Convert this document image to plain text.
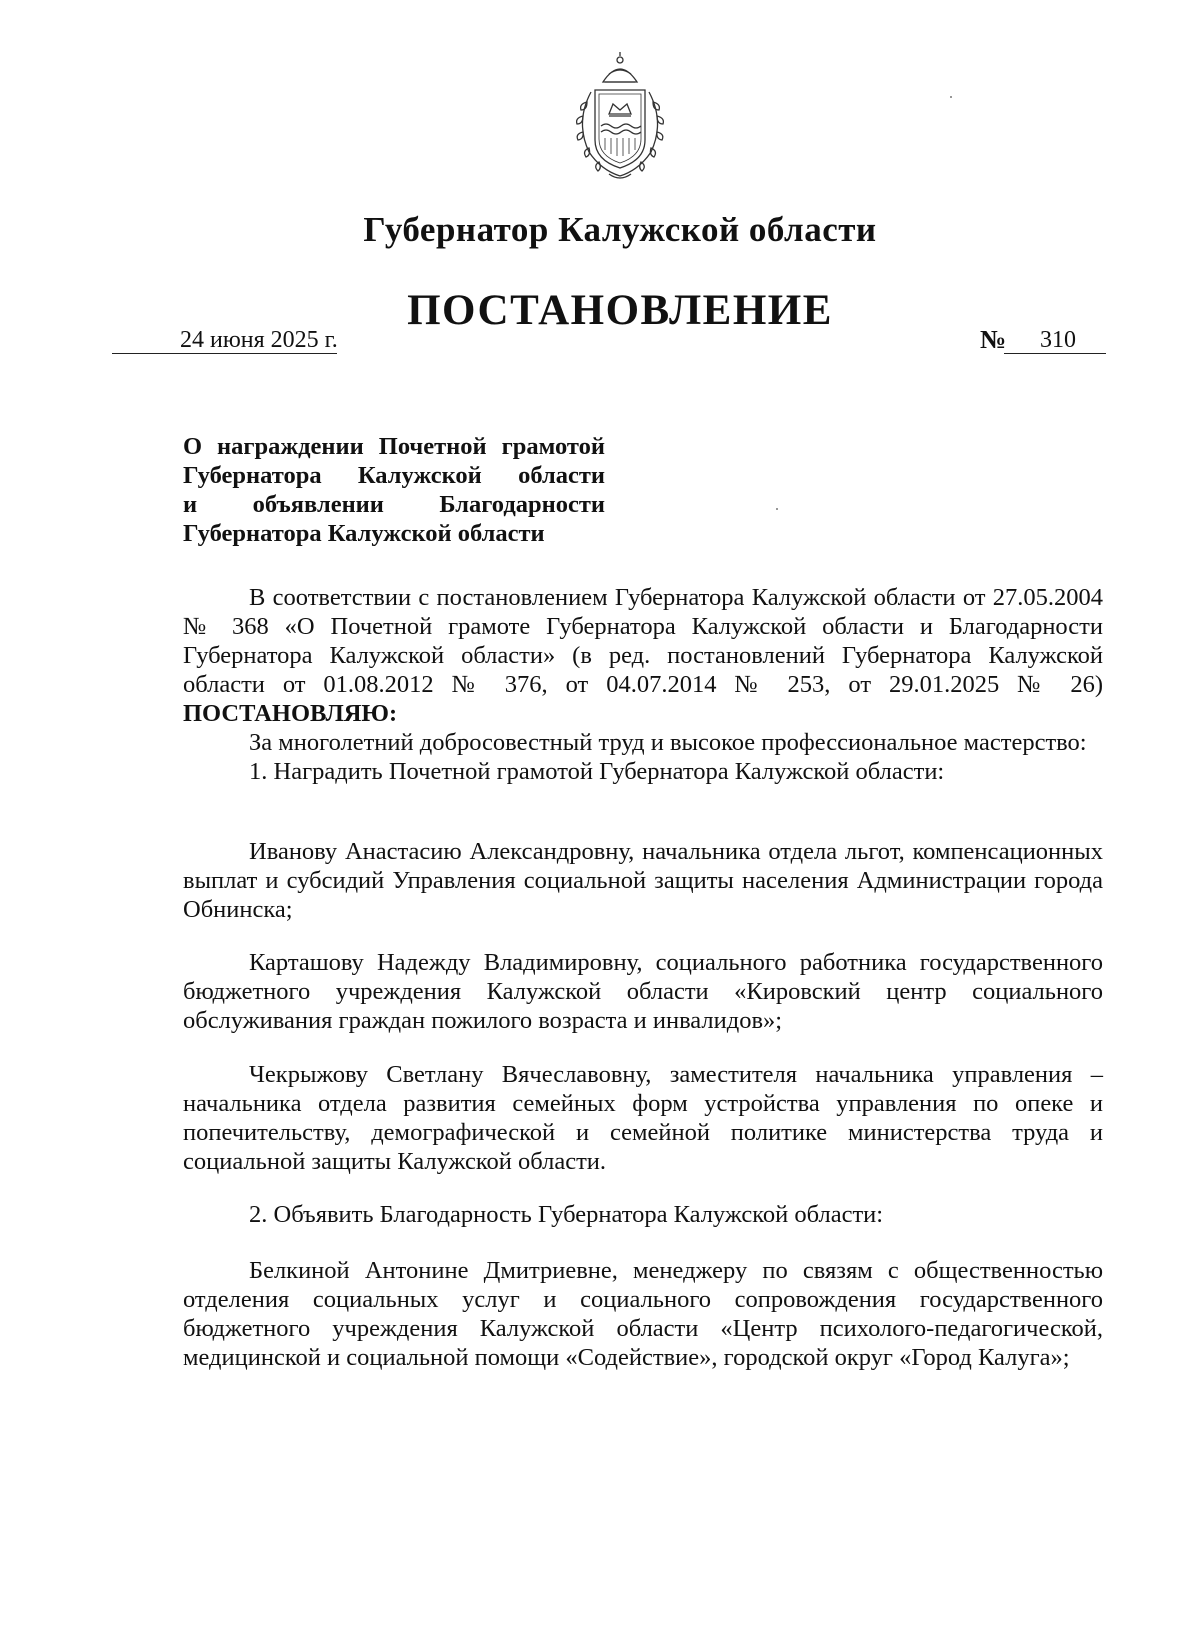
Губернатор Калужской области
ПОСТАНОВЛЕНИЕ
24 июня 2025 г.	№ 310
О награждении Почетной грамотой
Губернатора Калужской области
и объявлении Благодарности
Губернатора Калужской области

В соответствии с постановлением Губернатора Калужской области от 27.05.2004 № 368 «О Почетной грамоте Губернатора Калужской области и Благодарности Губернатора Калужской области» (в ред. постановлений Губернатора Калужской области от 01.08.2012 № 376, от 04.07.2014 № 253, от 29.01.2025 № 26) ПОСТАНОВЛЯЮ:

За многолетний добросовестный труд и высокое профессиональное мастерство:

1. Наградить Почетной грамотой Губернатора Калужской области:

Иванову Анастасию Александровну, начальника отдела льгот, компенсационных выплат и субсидий Управления социальной защиты населения Администрации города Обнинска;

Карташову Надежду Владимировну, социального работника государственного бюджетного учреждения Калужской области «Кировский центр социального обслуживания граждан пожилого возраста и инвалидов»;

Чекрыжову Светлану Вячеславовну, заместителя начальника управления – начальника отдела развития семейных форм устройства управления по опеке и попечительству, демографической и семейной политике министерства труда и социальной защиты Калужской области.

2. Объявить Благодарность Губернатора Калужской области:

Белкиной Антонине Дмитриевне, менеджеру по связям с общественностью отделения социальных услуг и социального сопровождения государственного бюджетного учреждения Калужской области «Центр психолого-педагогической, медицинской и социальной помощи «Содействие», городской округ «Город Калуга»;
